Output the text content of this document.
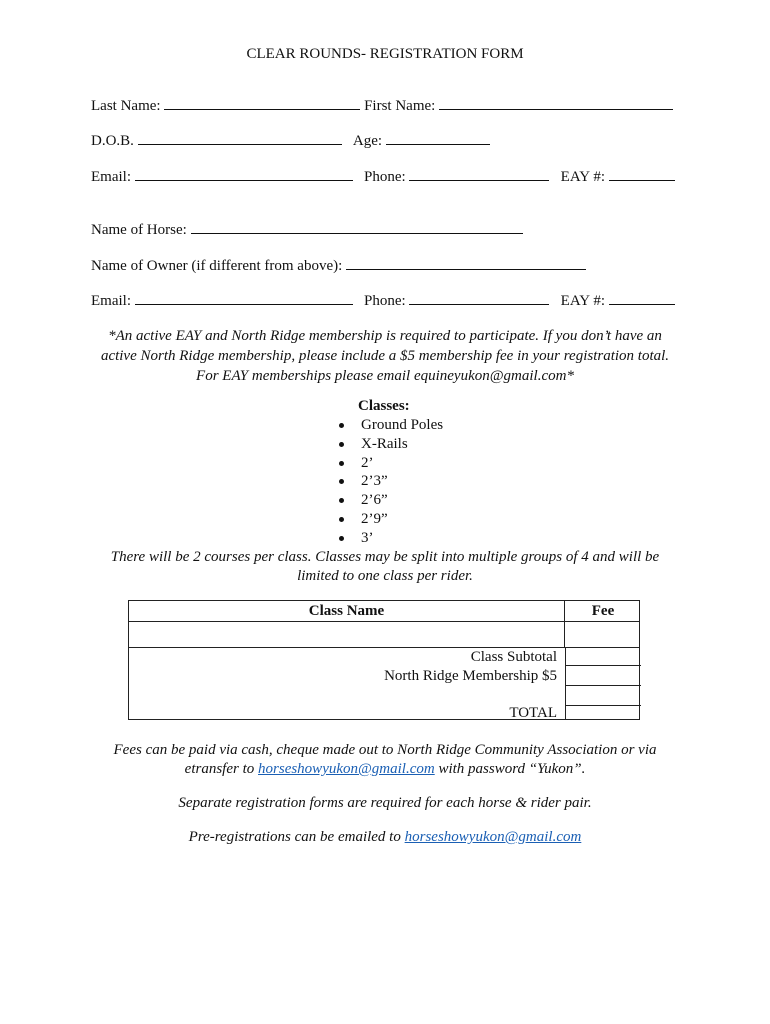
CLEAR ROUNDS- REGISTRATION FORM
Last Name:	First Name:
D.O.B.	Age:
Email:	Phone:	EAY #:
Name of Horse:
Name of Owner (if different from above):
Email:	Phone:	EAY #:
*An active EAY and North Ridge membership is required to participate. If you don’t have an
active North Ridge membership, please include a $5 membership fee in your registration total.
For EAY memberships please email equineyukon@gmail.com*
Classes:
Ground Poles
X-Rails
2’
2’3”
2’6”
2’9”
3’
There will be 2 courses per class. Classes may be split into multiple groups of 4 and will be
limited to one class per rider.
Class Name	Fee
Class Subtotal
North Ridge Membership $5
TOTAL
Fees can be paid via cash, cheque made out to North Ridge Community Association or via
etransfer to horseshowyukon@gmail.com with password “Yukon”.
Separate registration forms are required for each horse & rider pair.
Pre-registrations can be emailed to horseshowyukon@gmail.com
